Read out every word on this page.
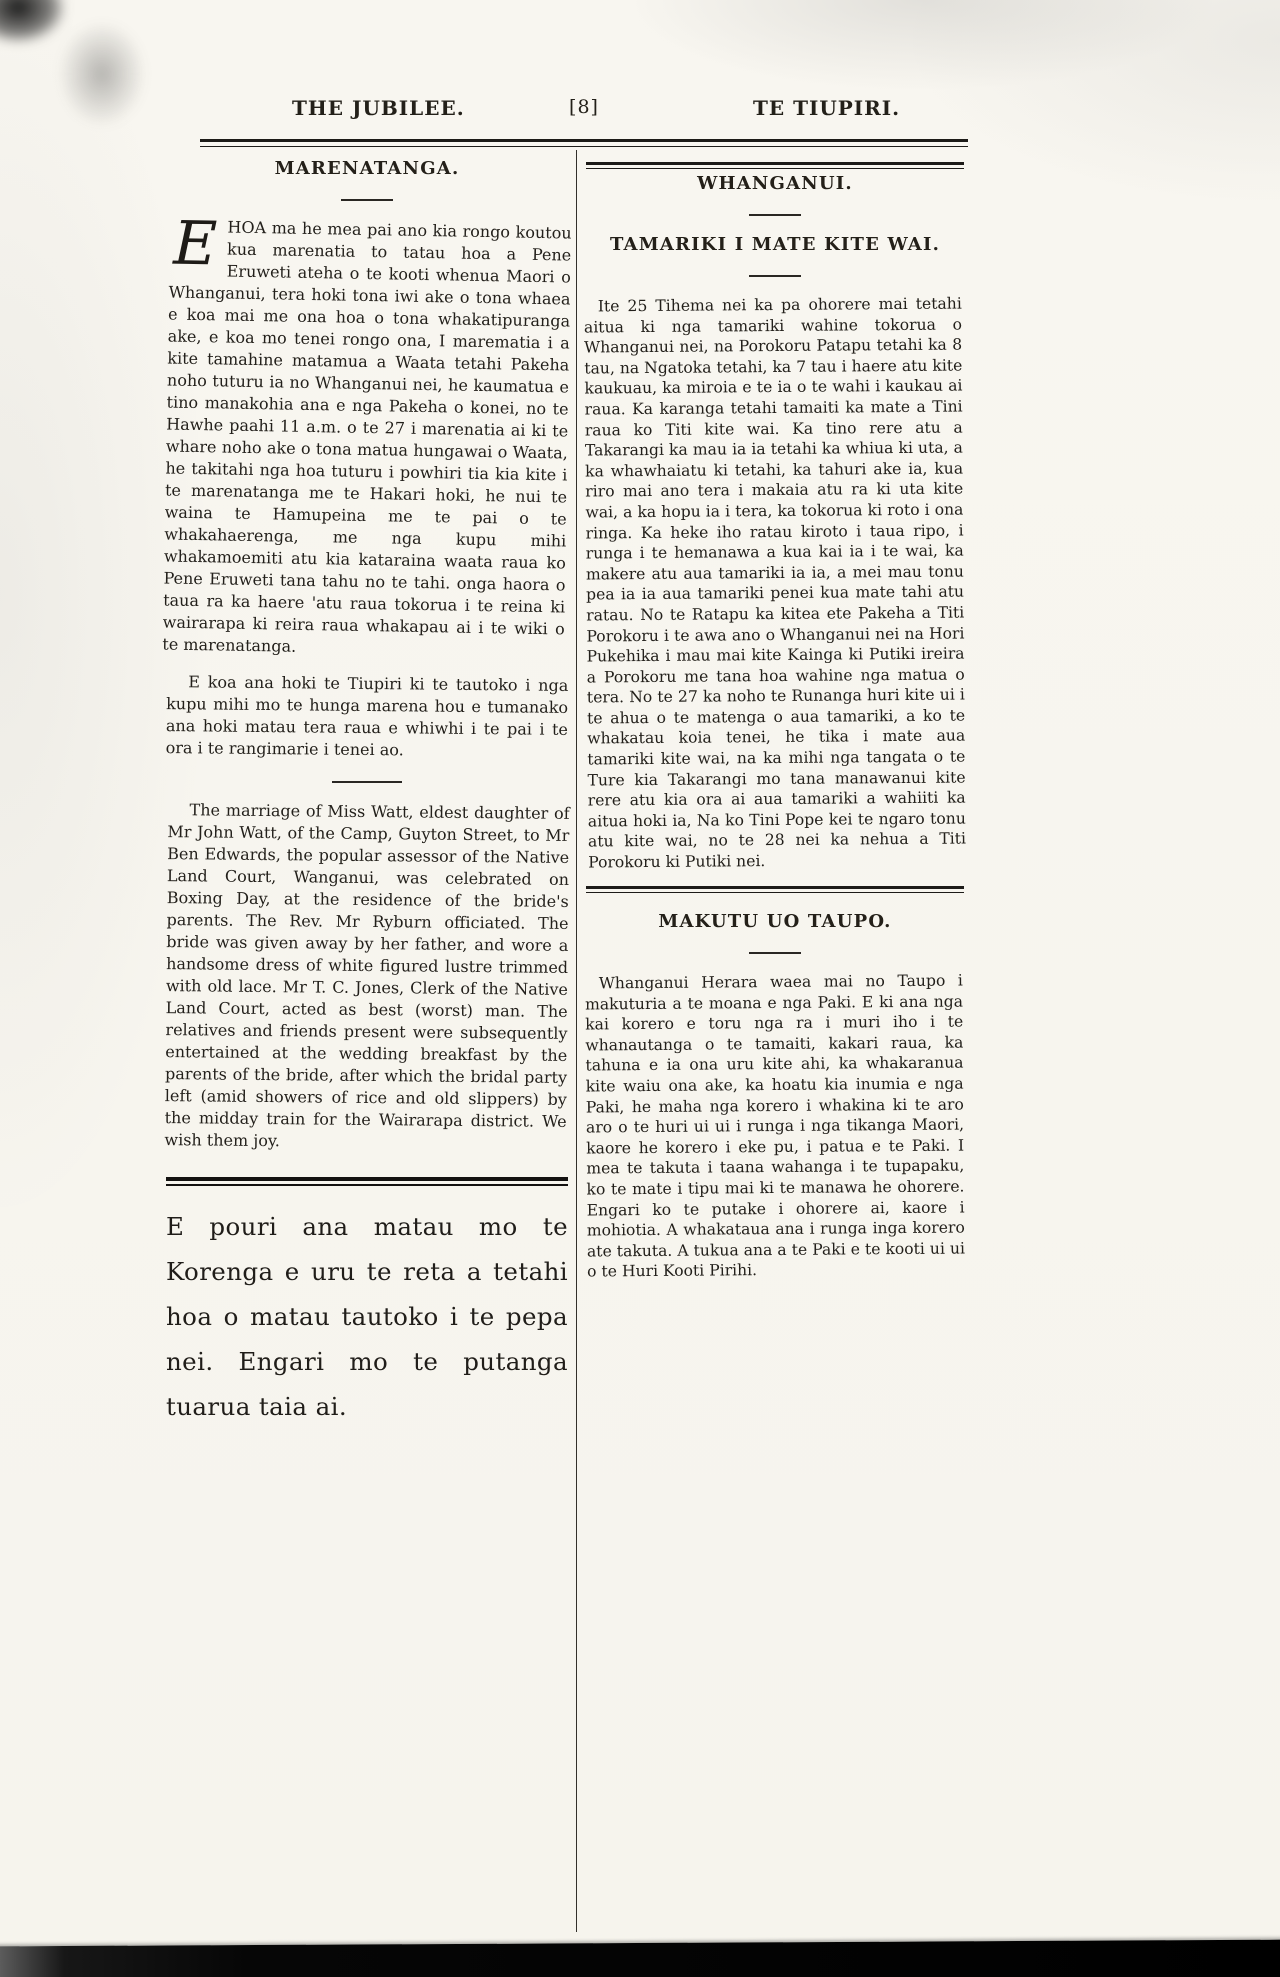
THE JUBILEE.	[8]	TE TIUPIRI.
MARENATANGA.

EHOA ma he mea pai ano kia rongo koutou kua marenatia to tatau hoa a Pene Eruweti ateha o te kooti whenua Maori o Whanganui, tera hoki tona iwi ake o tona whaea e koa mai me ona hoa o tona whakatipuranga ake, e koa mo tenei rongo ona, I marematia i a kite tamahine matamua a Waata tetahi Pakeha noho tuturu ia no Whanganui nei, he kaumatua e tino manakohia ana e nga Pakeha o konei, no te Hawhe paahi 11 a.m. o te 27 i marenatia ai ki te whare noho ake o tona matua hungawai o Waata, he takitahi nga hoa tuturu i powhiri tia kia kite i te marenatanga me te Hakari hoki, he nui te waina te Hamupeina me te pai o te whakahaerenga, me nga kupu mihi whakamoemiti atu kia kataraina waata raua ko Pene Eruweti tana tahu no te tahi. onga haora o taua ra ka haere 'atu raua tokorua i te reina ki wairarapa ki reira raua whakapau ai i te wiki o te marenatanga.

E koa ana hoki te Tiupiri ki te tautoko i nga kupu mihi mo te hunga marena hou e tumanako ana hoki matau tera raua e whiwhi i te pai i te ora i te rangimarie i tenei ao.

The marriage of Miss Watt, eldest daughter of Mr John Watt, of the Camp, Guyton Street, to Mr Ben Edwards, the popular assessor of the Native Land Court, Wanganui, was celebrated on Boxing Day, at the residence of the bride's parents. The Rev. Mr Ryburn officiated. The bride was given away by her father, and wore a handsome dress of white figured lustre trimmed with old lace. Mr T. C. Jones, Clerk of the Native Land Court, acted as best (worst) man. The relatives and friends present were subsequently entertained at the wedding breakfast by the parents of the bride, after which the bridal party left (amid showers of rice and old slippers) by the midday train for the Wairarapa district. We wish them joy.

E pouri ana matau mo te Korenga e uru te reta a tetahi hoa o matau tautoko i te pepa nei. Engari mo te putanga tuarua taia ai.

WHANGANUI.
TAMARIKI I MATE KITE WAI.

Ite 25 Tihema nei ka pa ohorere mai tetahi aitua ki nga tamariki wahine tokorua o Whanganui nei, na Porokoru Patapu tetahi ka 8 tau, na Ngatoka tetahi, ka 7 tau i haere atu kite kaukuau, ka miroia e te ia o te wahi i kaukau ai raua. Ka karanga tetahi tamaiti ka mate a Tini raua ko Titi kite wai. Ka tino rere atu a Takarangi ka mau ia ia tetahi ka whiua ki uta, a ka whawhaiatu ki tetahi, ka tahuri ake ia, kua riro mai ano tera i makaia atu ra ki uta kite wai, a ka hopu ia i tera, ka tokorua ki roto i ona ringa. Ka heke iho ratau kiroto i taua ripo, i runga i te hemanawa a kua kai ia i te wai, ka makere atu aua tamariki ia ia, a mei mau tonu pea ia ia aua tamariki penei kua mate tahi atu ratau. No te Ratapu ka kitea ete Pakeha a Titi Porokoru i te awa ano o Whanganui nei na Hori Pukehika i mau mai kite Kainga ki Putiki ireira a Porokoru me tana hoa wahine nga matua o tera. No te 27 ka noho te Runanga huri kite ui i te ahua o te matenga o aua tamariki, a ko te whakatau koia tenei, he tika i mate aua tamariki kite wai, na ka mihi nga tangata o te Ture kia Takarangi mo tana manawanui kite rere atu kia ora ai aua tamariki a wahiiti ka aitua hoki ia, Na ko Tini Pope kei te ngaro tonu atu kite wai, no te 28 nei ka nehua a Titi Porokoru ki Putiki nei.

MAKUTU UO TAUPO.

Whanganui Herara waea mai no Taupo i makuturia a te moana e nga Paki. E ki ana nga kai korero e toru nga ra i muri iho i te whanautanga o te tamaiti, kakari raua, ka tahuna e ia ona uru kite ahi, ka whakaranua kite waiu ona ake, ka hoatu kia inumia e nga Paki, he maha nga korero i whakina ki te aro aro o te huri ui ui i runga i nga tikanga Maori, kaore he korero i eke pu, i patua e te Paki. I mea te takuta i taana wahanga i te tupapaku, ko te mate i tipu mai ki te manawa he ohorere. Engari ko te putake i ohorere ai, kaore i mohiotia. A whakataua ana i runga inga korero ate takuta. A tukua ana a te Paki e te kooti ui ui o te Huri Kooti Pirihi.
